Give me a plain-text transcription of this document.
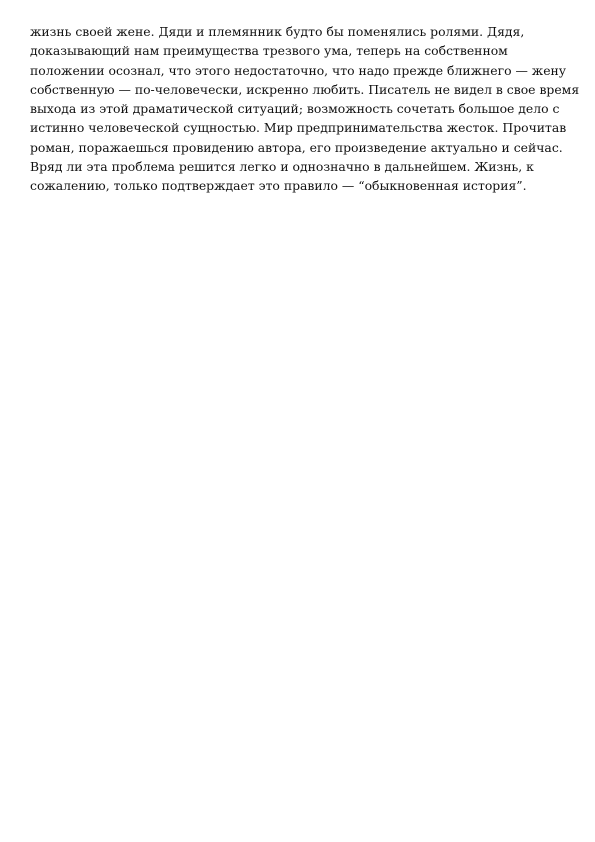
жизнь своей жене. Дяди и племянник будто бы поменялись ролями. Дядя,
доказывающий нам преимущества трезвого ума, теперь на собственном
положении осознал, что этого недостаточно, что надо прежде ближнего — жену
собственную — по-человечески, искренно любить. Писатель не видел в свое время
выхода из этой драматической ситуаций; возможность сочетать большое дело с
истинно человеческой сущностью. Мир предпринимательства жесток. Прочитав
роман, поражаешься провидению автора, его произведение актуально и сейчас.
Вряд ли эта проблема решится легко и однозначно в дальнейшем. Жизнь, к
сожалению, только подтверждает это правило — “обыкновенная история”.
